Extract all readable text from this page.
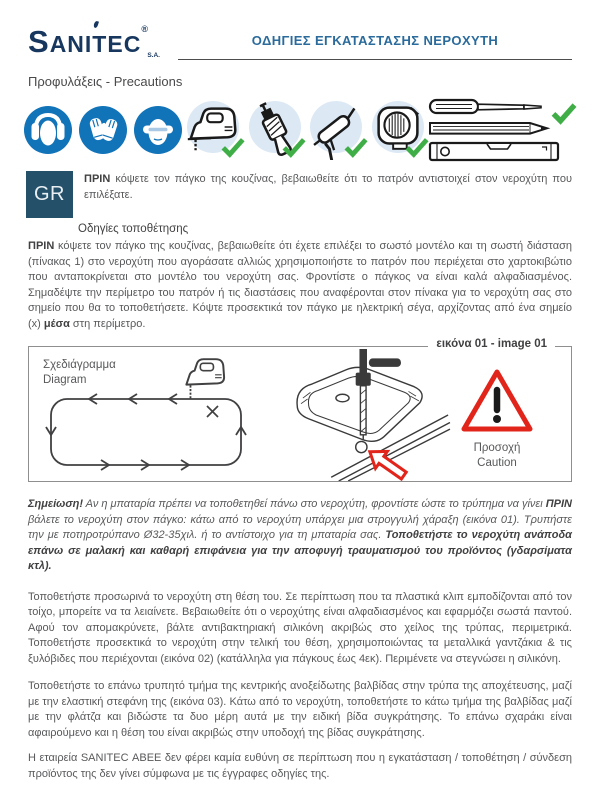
SANITEC®
S.A.
ΟΔΗΓΙΕΣ ΕΓΚΑΤΑΣΤΑΣΗΣ ΝΕΡΟΧΥΤΗ
Προφυλάξεις - Precautions
GR
ΠΡΙΝ κόψετε τον πάγκο της κουζίνας, βεβαιωθείτε ότι το πατρόν αντιστοιχεί στον νεροχύτη που επιλέξατε.
Οδηγίες τοποθέτησης

ΠΡΙΝ κόψετε τον πάγκο της κουζίνας, βεβαιωθείτε ότι έχετε επιλέξει το σωστό μοντέλο και τη σωστή διάσταση (πίνακας 1) στο νεροχύτη που αγοράσατε αλλιώς χρησιμοποιήστε το πατρόν που περιέχεται στο χαρτοκιβώτιο που ανταποκρίνεται στο μοντέλο του νεροχύτη σας. Φροντίστε ο πάγκος να είναι καλά αλφαδιασμένος. Σημαδέψτε την περίμετρο του πατρόν ή τις διαστάσεις που αναφέρονται στον πίνακα για το νεροχύτη σας στο σημείο που θα το τοποθετήσετε. Κόψτε προσεκτικά τον πάγκο με ηλεκτρική σέγα, αρχίζοντας από ένα σημείο (x) μέσα στη περίμετρο.

εικόνα 01 - image 01
Σχεδιάγραμμα
Diagram
Προσοχή
Caution

Σημείωση! Αν η μπαταρία πρέπει να τοποθετηθεί πάνω στο νεροχύτη, φροντίστε ώστε το τρύπημα να γίνει ΠΡΙΝ βάλετε το νεροχύτη στον πάγκο: κάτω από το νεροχύτη υπάρχει μια στρογγυλή χάραξη (εικόνα 01). Τρυπήστε την με ποτηροτρύπανο Ø32-35χιλ. ή το αντίστοιχο για τη μπαταρία σας. Τοποθετήστε το νεροχύτη ανάποδα επάνω σε μαλακή και καθαρή επιφάνεια για την αποφυγή τραυματισμού του προϊόντος (γδαρσίματα κτλ).

Τοποθετήστε προσωρινά το νεροχύτη στη θέση του. Σε περίπτωση που τα πλαστικά κλιπ εμποδίζονται από τον τοίχο, μπορείτε να τα λειαίνετε. Βεβαιωθείτε ότι ο νεροχύτης είναι αλφαδιασμένος και εφαρμόζει σωστά παντού. Αφού τον απομακρύνετε, βάλτε αντιβακτηριακή σιλικόνη ακριβώς στο χείλος της τρύπας, περιμετρικά. Τοποθετήστε προσεκτικά το νεροχύτη στην τελική του θέση, χρησιμοποιώντας τα μεταλλικά γαντζάκια & τις ξυλόβιδες που περιέχονται (εικόνα 02) (κατάλληλα για πάγκους έως 4εκ). Περιμένετε να στεγνώσει η σιλικόνη.

Τοποθετήστε το επάνω τρυπητό τμήμα της κεντρικής ανοξείδωτης βαλβίδας στην τρύπα της αποχέτευσης, μαζί με την ελαστική στεφάνη της (εικόνα 03). Κάτω από το νεροχύτη, τοποθετήστε το κάτω τμήμα της βαλβίδας μαζί με την φλάτζα και βιδώστε τα δυο μέρη αυτά με την ειδική βίδα συγκράτησης. Το επάνω σχαράκι είναι αφαιρούμενο και η θέση του είναι ακριβώς στην υποδοχή της βίδας συγκράτησης.

Η εταιρεία SANITEC ΑΒΕΕ δεν φέρει καμία ευθύνη σε περίπτωση που η εγκατάσταση / τοποθέτηση / σύνδεση προϊόντος της δεν γίνει σύμφωνα με τις έγγραφες οδηγίες της.
